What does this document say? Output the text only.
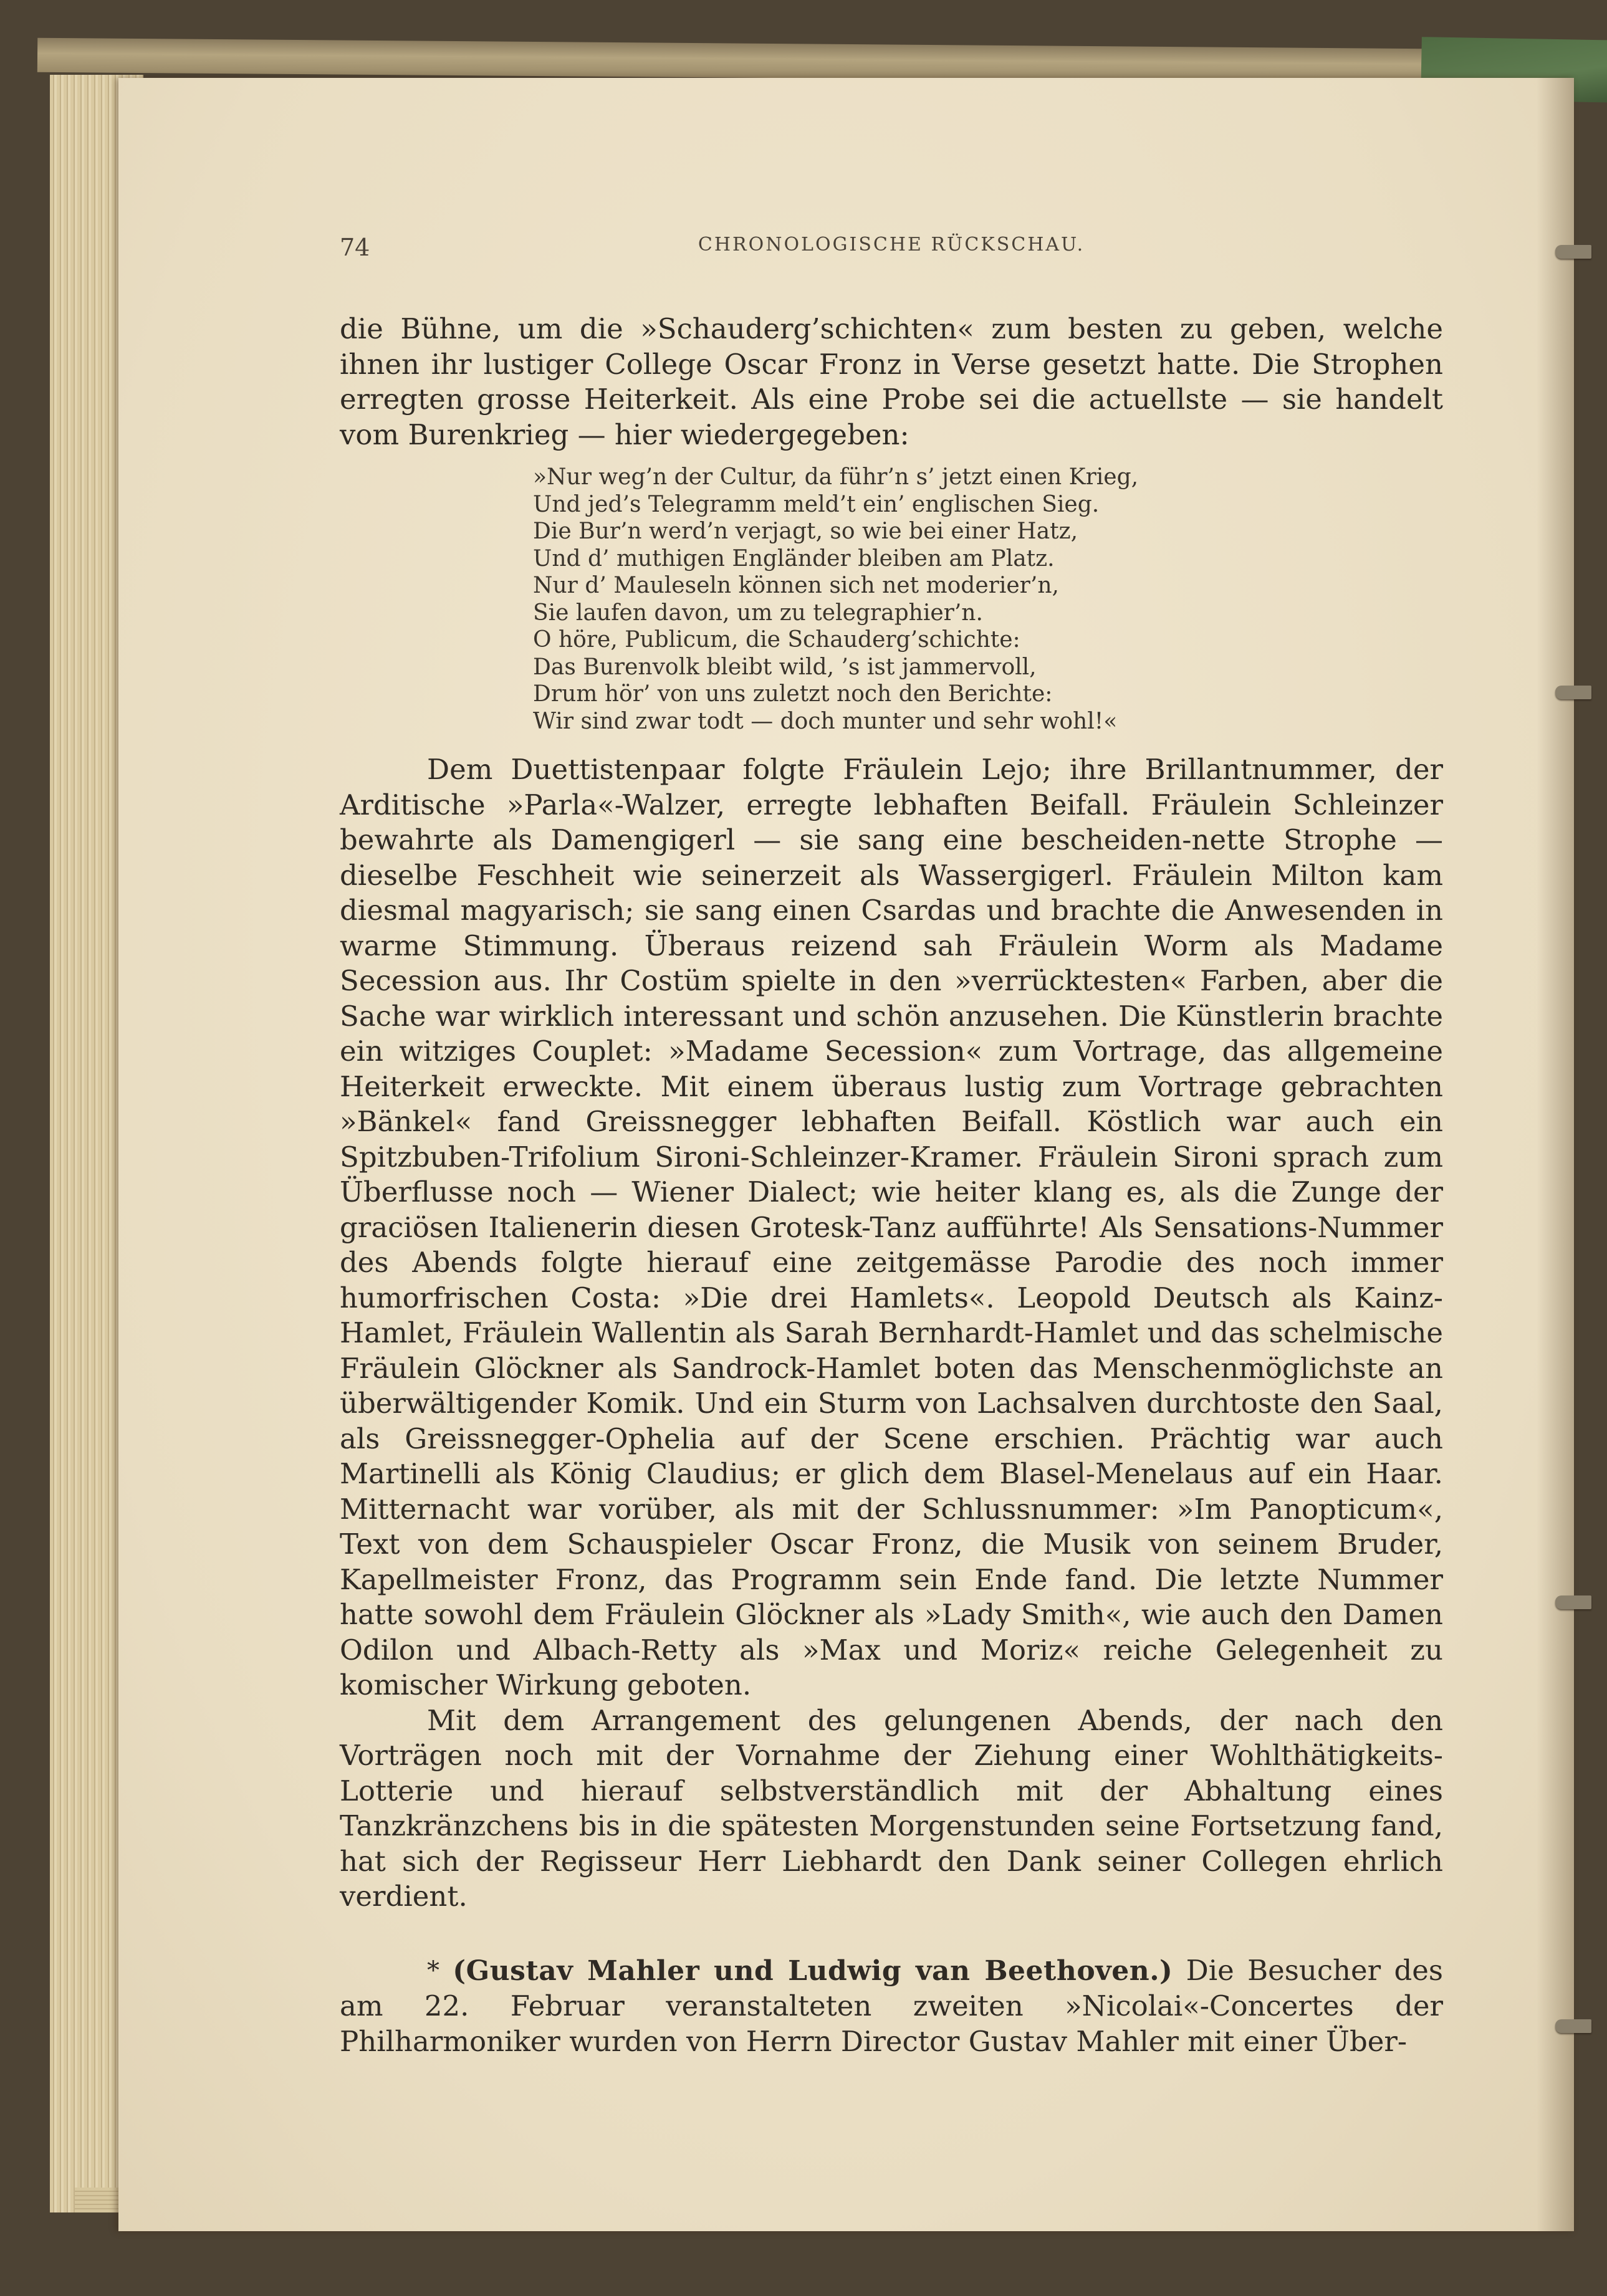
74	CHRONOLOGISCHE RÜCKSCHAU.

die Bühne, um die »Schauderg’schichten« zum besten zu geben, welche ihnen ihr lustiger College Oscar Fronz in Verse gesetzt hatte. Die Strophen erregten grosse Heiterkeit. Als eine Probe sei die actuellste — sie handelt vom Burenkrieg — hier wiedergegeben:

»Nur weg’n der Cultur, da führ’n s’ jetzt einen Krieg,

Und jed’s Telegramm meld’t ein’ englischen Sieg.

Die Bur’n werd’n verjagt, so wie bei einer Hatz,

Und d’ muthigen Engländer bleiben am Platz.

Nur d’ Mauleseln können sich net moderier’n,

Sie laufen davon, um zu telegraphier’n.

O höre, Publicum, die Schauderg’schichte:

Das Burenvolk bleibt wild, ’s ist jammervoll,

Drum hör’ von uns zuletzt noch den Berichte:

Wir sind zwar todt — doch munter und sehr wohl!«

Dem Duettistenpaar folgte Fräulein Lejo; ihre Brillantnummer, der Arditische »Parla«-Walzer, erregte lebhaften Beifall. Fräulein Schleinzer bewahrte als Damengigerl — sie sang eine bescheiden-nette Strophe — dieselbe Feschheit wie seinerzeit als Wassergigerl. Fräulein Milton kam diesmal magyarisch; sie sang einen Csardas und brachte die Anwesenden in warme Stimmung. Überaus reizend sah Fräulein Worm als Madame Secession aus. Ihr Costüm spielte in den »verrücktesten« Farben, aber die Sache war wirklich interessant und schön anzusehen. Die Künstlerin brachte ein witziges Couplet: »Madame Secession« zum Vortrage, das allgemeine Heiterkeit erweckte. Mit einem überaus lustig zum Vortrage gebrachten »Bänkel« fand Greissnegger lebhaften Beifall. Köstlich war auch ein Spitzbuben-Trifolium Sironi-Schleinzer-Kramer. Fräulein Sironi sprach zum Überflusse noch — Wiener Dialect; wie heiter klang es, als die Zunge der graciösen Italienerin diesen Grotesk-Tanz aufführte! Als Sensations-Nummer des Abends folgte hierauf eine zeitgemässe Parodie des noch immer humorfrischen Costa: »Die drei Hamlets«. Leopold Deutsch als Kainz-Hamlet, Fräulein Wallentin als Sarah Bernhardt-Hamlet und das schelmische Fräulein Glöckner als Sandrock-Hamlet boten das Menschenmöglichste an überwältigender Komik. Und ein Sturm von Lachsalven durchtoste den Saal, als Greissnegger-Ophelia auf der Scene erschien. Prächtig war auch Martinelli als König Claudius; er glich dem Blasel-Menelaus auf ein Haar. Mitternacht war vorüber, als mit der Schlussnummer: »Im Panopticum«, Text von dem Schauspieler Oscar Fronz, die Musik von seinem Bruder, Kapellmeister Fronz, das Programm sein Ende fand. Die letzte Nummer hatte sowohl dem Fräulein Glöckner als »Lady Smith«, wie auch den Damen Odilon und Albach-Retty als »Max und Moriz« reiche Gelegenheit zu komischer Wirkung geboten.

Mit dem Arrangement des gelungenen Abends, der nach den Vorträgen noch mit der Vornahme der Ziehung einer Wohlthätigkeits-Lotterie und hierauf selbstverständlich mit der Abhaltung eines Tanzkränzchens bis in die spätesten Morgenstunden seine Fortsetzung fand, hat sich der Regisseur Herr Liebhardt den Dank seiner Collegen ehrlich verdient.

* (Gustav Mahler und Ludwig van Beethoven.) Die Besucher des am 22. Februar veranstalteten zweiten »Nicolai«-Concertes der Philharmoniker wurden von Herrn Director Gustav Mahler mit einer Über-
